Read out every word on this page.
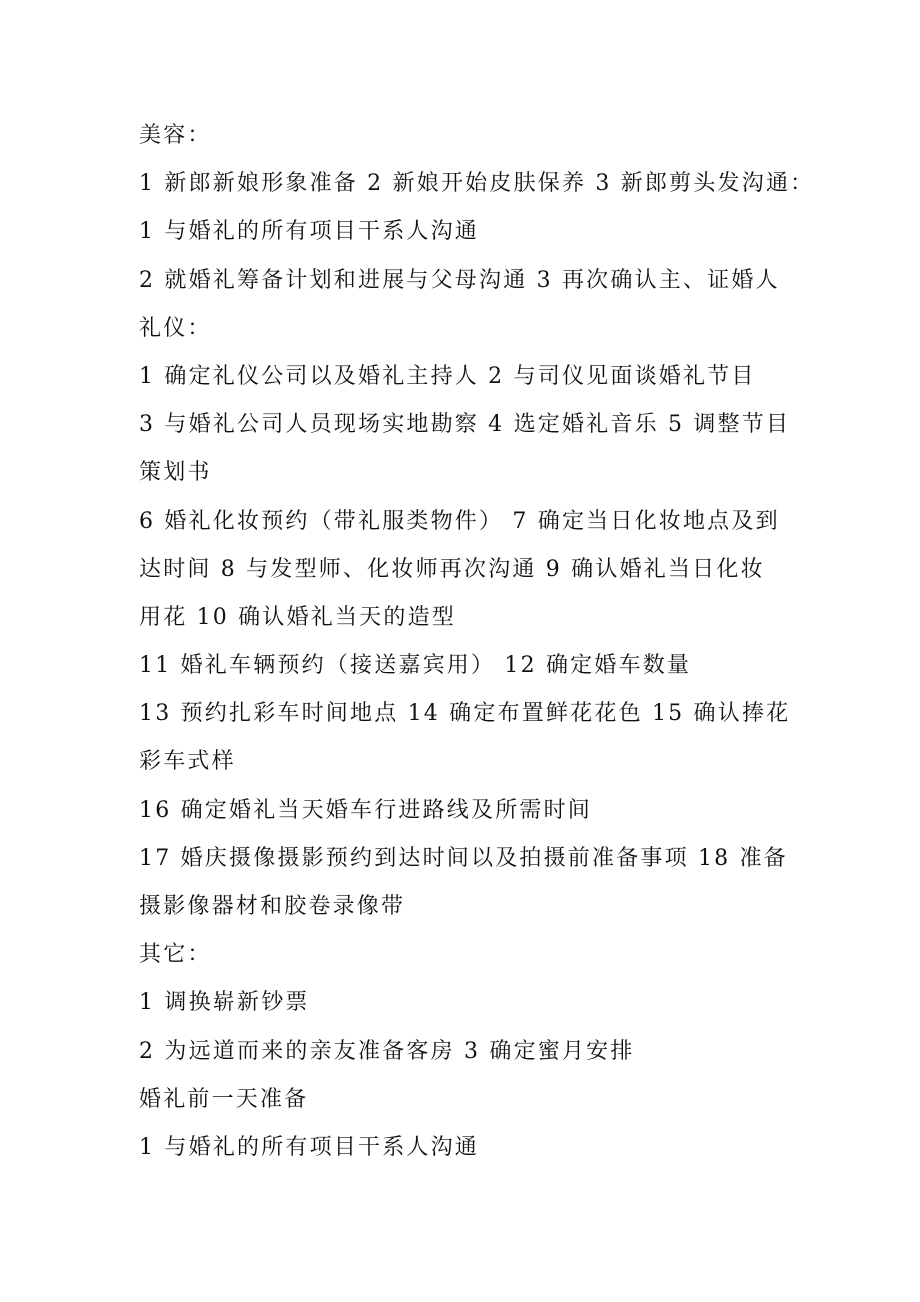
美容：
1 新郎新娘形象准备 2 新娘开始皮肤保养 3 新郎剪头发沟通：
1 与婚礼的所有项目干系人沟通
2 就婚礼筹备计划和进展与父母沟通 3 再次确认主、证婚人
礼仪：
1 确定礼仪公司以及婚礼主持人 2 与司仪见面谈婚礼节目
3 与婚礼公司人员现场实地勘察 4 选定婚礼音乐 5 调整节目
策划书
6 婚礼化妆预约（带礼服类物件） 7 确定当日化妆地点及到
达时间 8 与发型师、化妆师再次沟通 9 确认婚礼当日化妆
用花 10 确认婚礼当天的造型
11 婚礼车辆预约（接送嘉宾用） 12 确定婚车数量
13 预约扎彩车时间地点 14 确定布置鲜花花色 15 确认捧花
彩车式样
16 确定婚礼当天婚车行进路线及所需时间
17 婚庆摄像摄影预约到达时间以及拍摄前准备事项 18 准备
摄影像器材和胶卷录像带
其它：
1 调换崭新钞票
2 为远道而来的亲友准备客房 3 确定蜜月安排
婚礼前一天准备
1 与婚礼的所有项目干系人沟通
